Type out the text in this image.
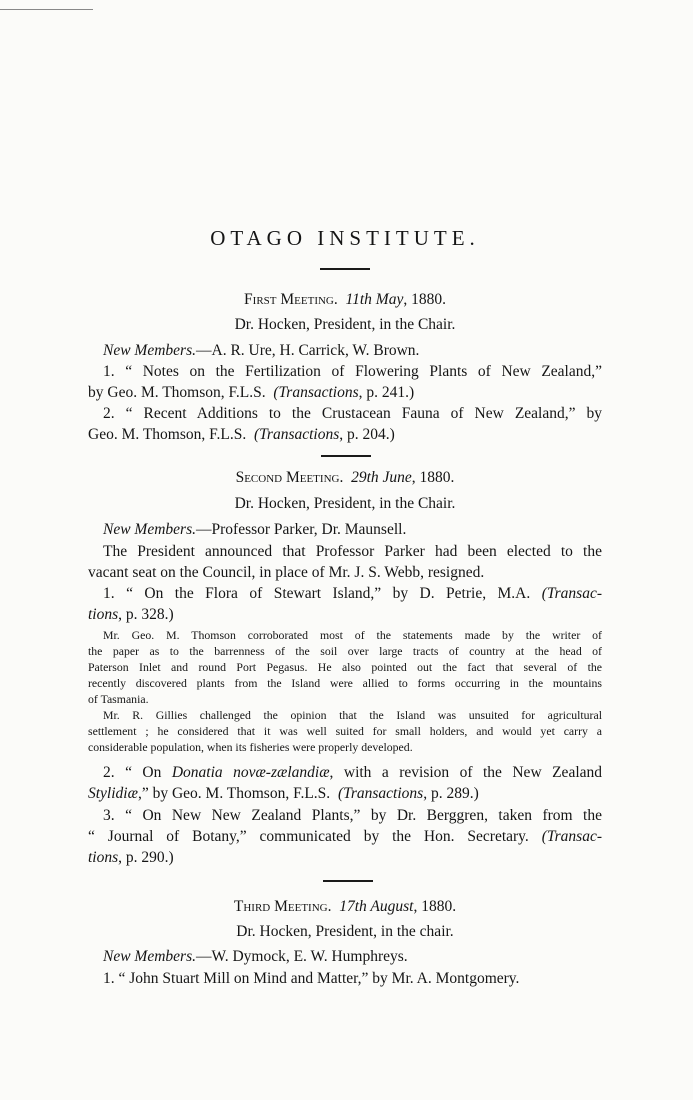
OTAGO INSTITUTE.
First Meeting. 11th May, 1880.
Dr. Hocken, President, in the Chair.
New Members.—A. R. Ure, H. Carrick, W. Brown.
1. “ Notes on the Fertilization of Flowering Plants of New Zealand,”
by Geo. M. Thomson, F.L.S. (Transactions, p. 241.)
2. “ Recent Additions to the Crustacean Fauna of New Zealand,” by
Geo. M. Thomson, F.L.S. (Transactions, p. 204.)
Second Meeting. 29th June, 1880.
Dr. Hocken, President, in the Chair.
New Members.—Professor Parker, Dr. Maunsell.
The President announced that Professor Parker had been elected to the
vacant seat on the Council, in place of Mr. J. S. Webb, resigned.
1. “ On the Flora of Stewart Island,” by D. Petrie, M.A. (Transac-
tions, p. 328.)
Mr. Geo. M. Thomson corroborated most of the statements made by the writer of
the paper as to the barrenness of the soil over large tracts of country at the head of
Paterson Inlet and round Port Pegasus. He also pointed out the fact that several of the
recently discovered plants from the Island were allied to forms occurring in the mountains
of Tasmania.
Mr. R. Gillies challenged the opinion that the Island was unsuited for agricultural
settlement ; he considered that it was well suited for small holders, and would yet carry a
considerable population, when its fisheries were properly developed.
2. “ On Donatia novæ-zælandiæ, with a revision of the New Zealand
Stylidiæ,” by Geo. M. Thomson, F.L.S. (Transactions, p. 289.)
3. “ On New New Zealand Plants,” by Dr. Berggren, taken from the
“ Journal of Botany,” communicated by the Hon. Secretary. (Transac-
tions, p. 290.)
Third Meeting. 17th August, 1880.
Dr. Hocken, President, in the chair.
New Members.—W. Dymock, E. W. Humphreys.
1. “ John Stuart Mill on Mind and Matter,” by Mr. A. Montgomery.
